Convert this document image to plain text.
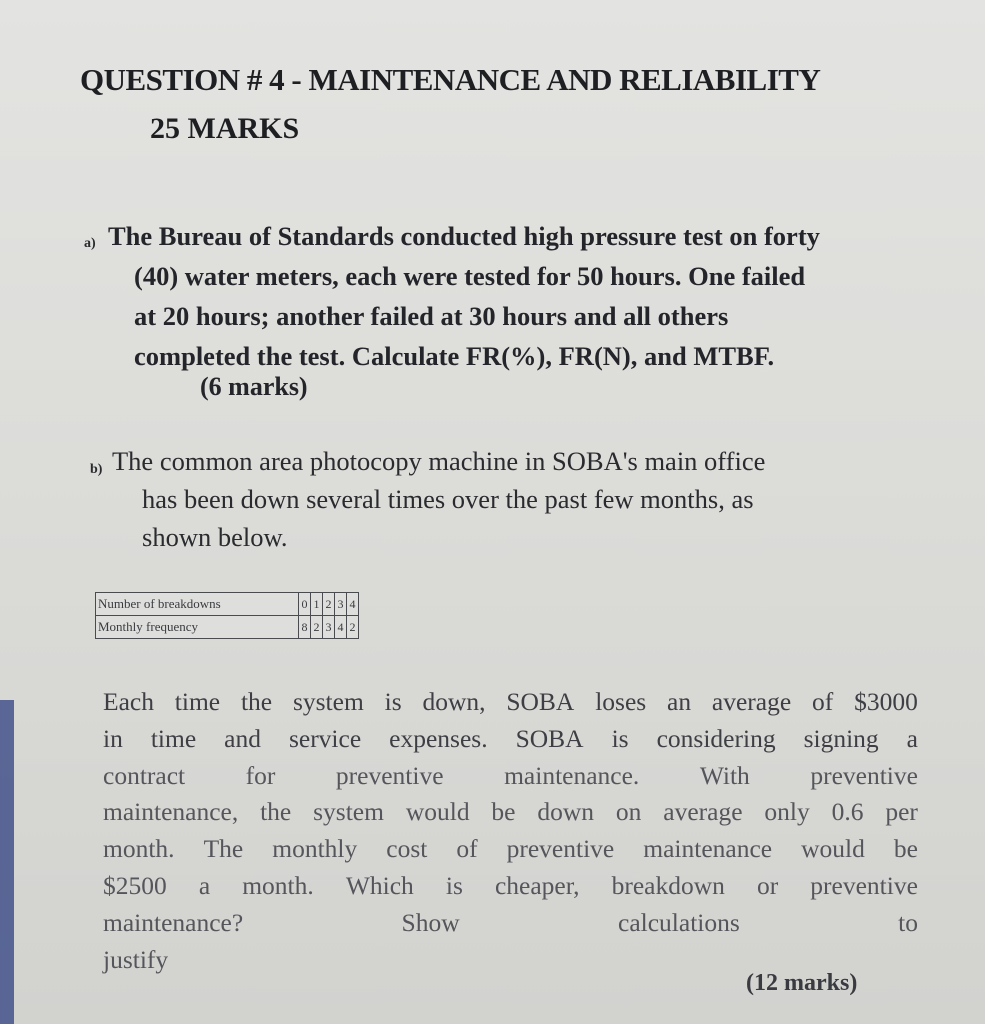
QUESTION # 4 - MAINTENANCE AND RELIABILITY
25 MARKS
a) The Bureau of Standards conducted high pressure test on forty
(40) water meters, each were tested for 50 hours. One failed
at 20 hours; another failed at 30 hours and all others
completed the test. Calculate FR(%), FR(N), and MTBF.
(6 marks)
b) The common area photocopy machine in SOBA's main office
has been down several times over the past few months, as
shown below.
Number of breakdowns	0	1	2	3	4
Monthly frequency	8	2	3	4	2
Each time the system is down, SOBA loses an average of $3000
in time and service expenses. SOBA is considering signing a
contract for preventive maintenance. With preventive
maintenance, the system would be down on average only 0.6 per
month. The monthly cost of preventive maintenance would be
$2500 a month. Which is cheaper, breakdown or preventive
maintenance?	Show	calculations	to
justify
(12 marks)
